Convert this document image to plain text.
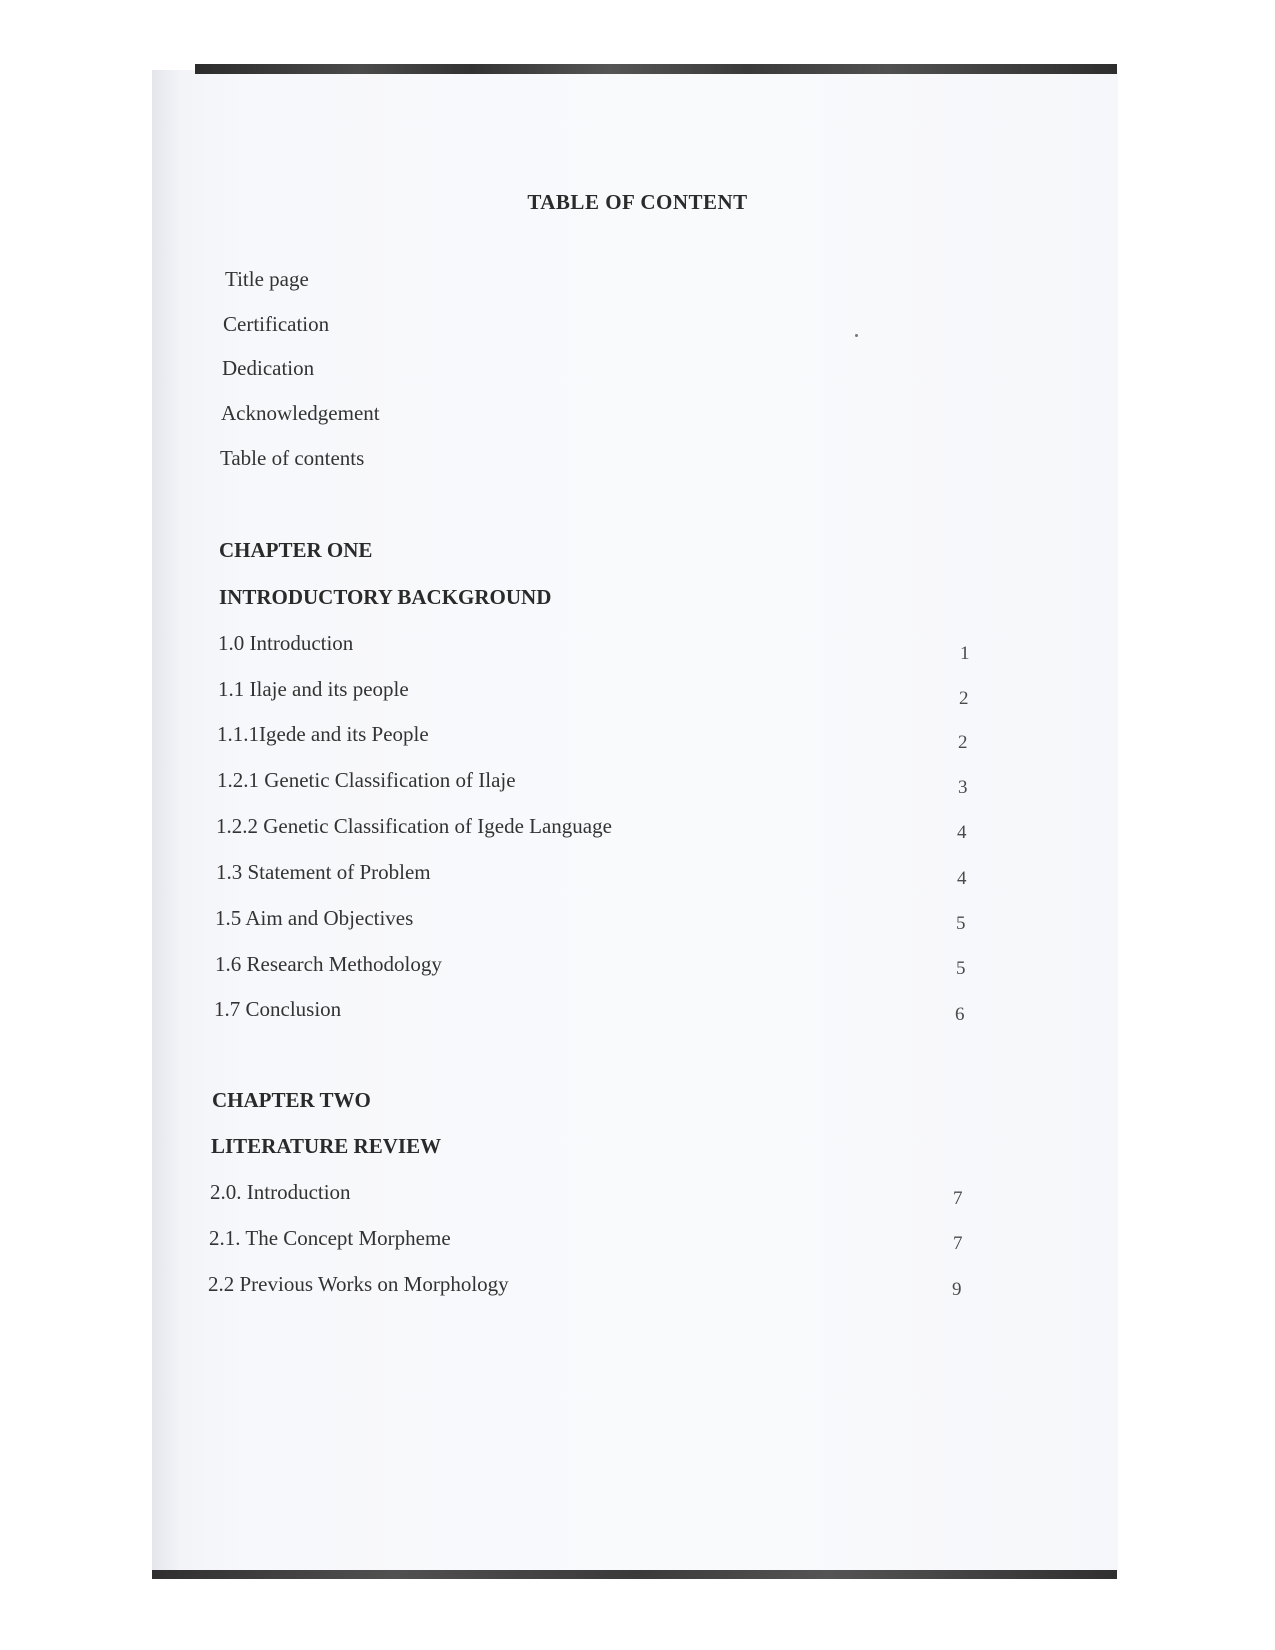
TABLE OF CONTENT
Title page
Certification
Dedication
Acknowledgement
Table of contents
CHAPTER ONE
INTRODUCTORY BACKGROUND
1.0 Introduction	1
1.1 Ilaje and its people	2
1.1.1Igede and its People	2
1.2.1 Genetic Classification of Ilaje	3
1.2.2 Genetic Classification of Igede Language	4
1.3 Statement of Problem	4
1.5 Aim and Objectives	5
1.6 Research Methodology	5
1.7 Conclusion	6
CHAPTER TWO
LITERATURE REVIEW
2.0. Introduction	7
2.1. The Concept Morpheme	7
2.2 Previous Works on Morphology	9
